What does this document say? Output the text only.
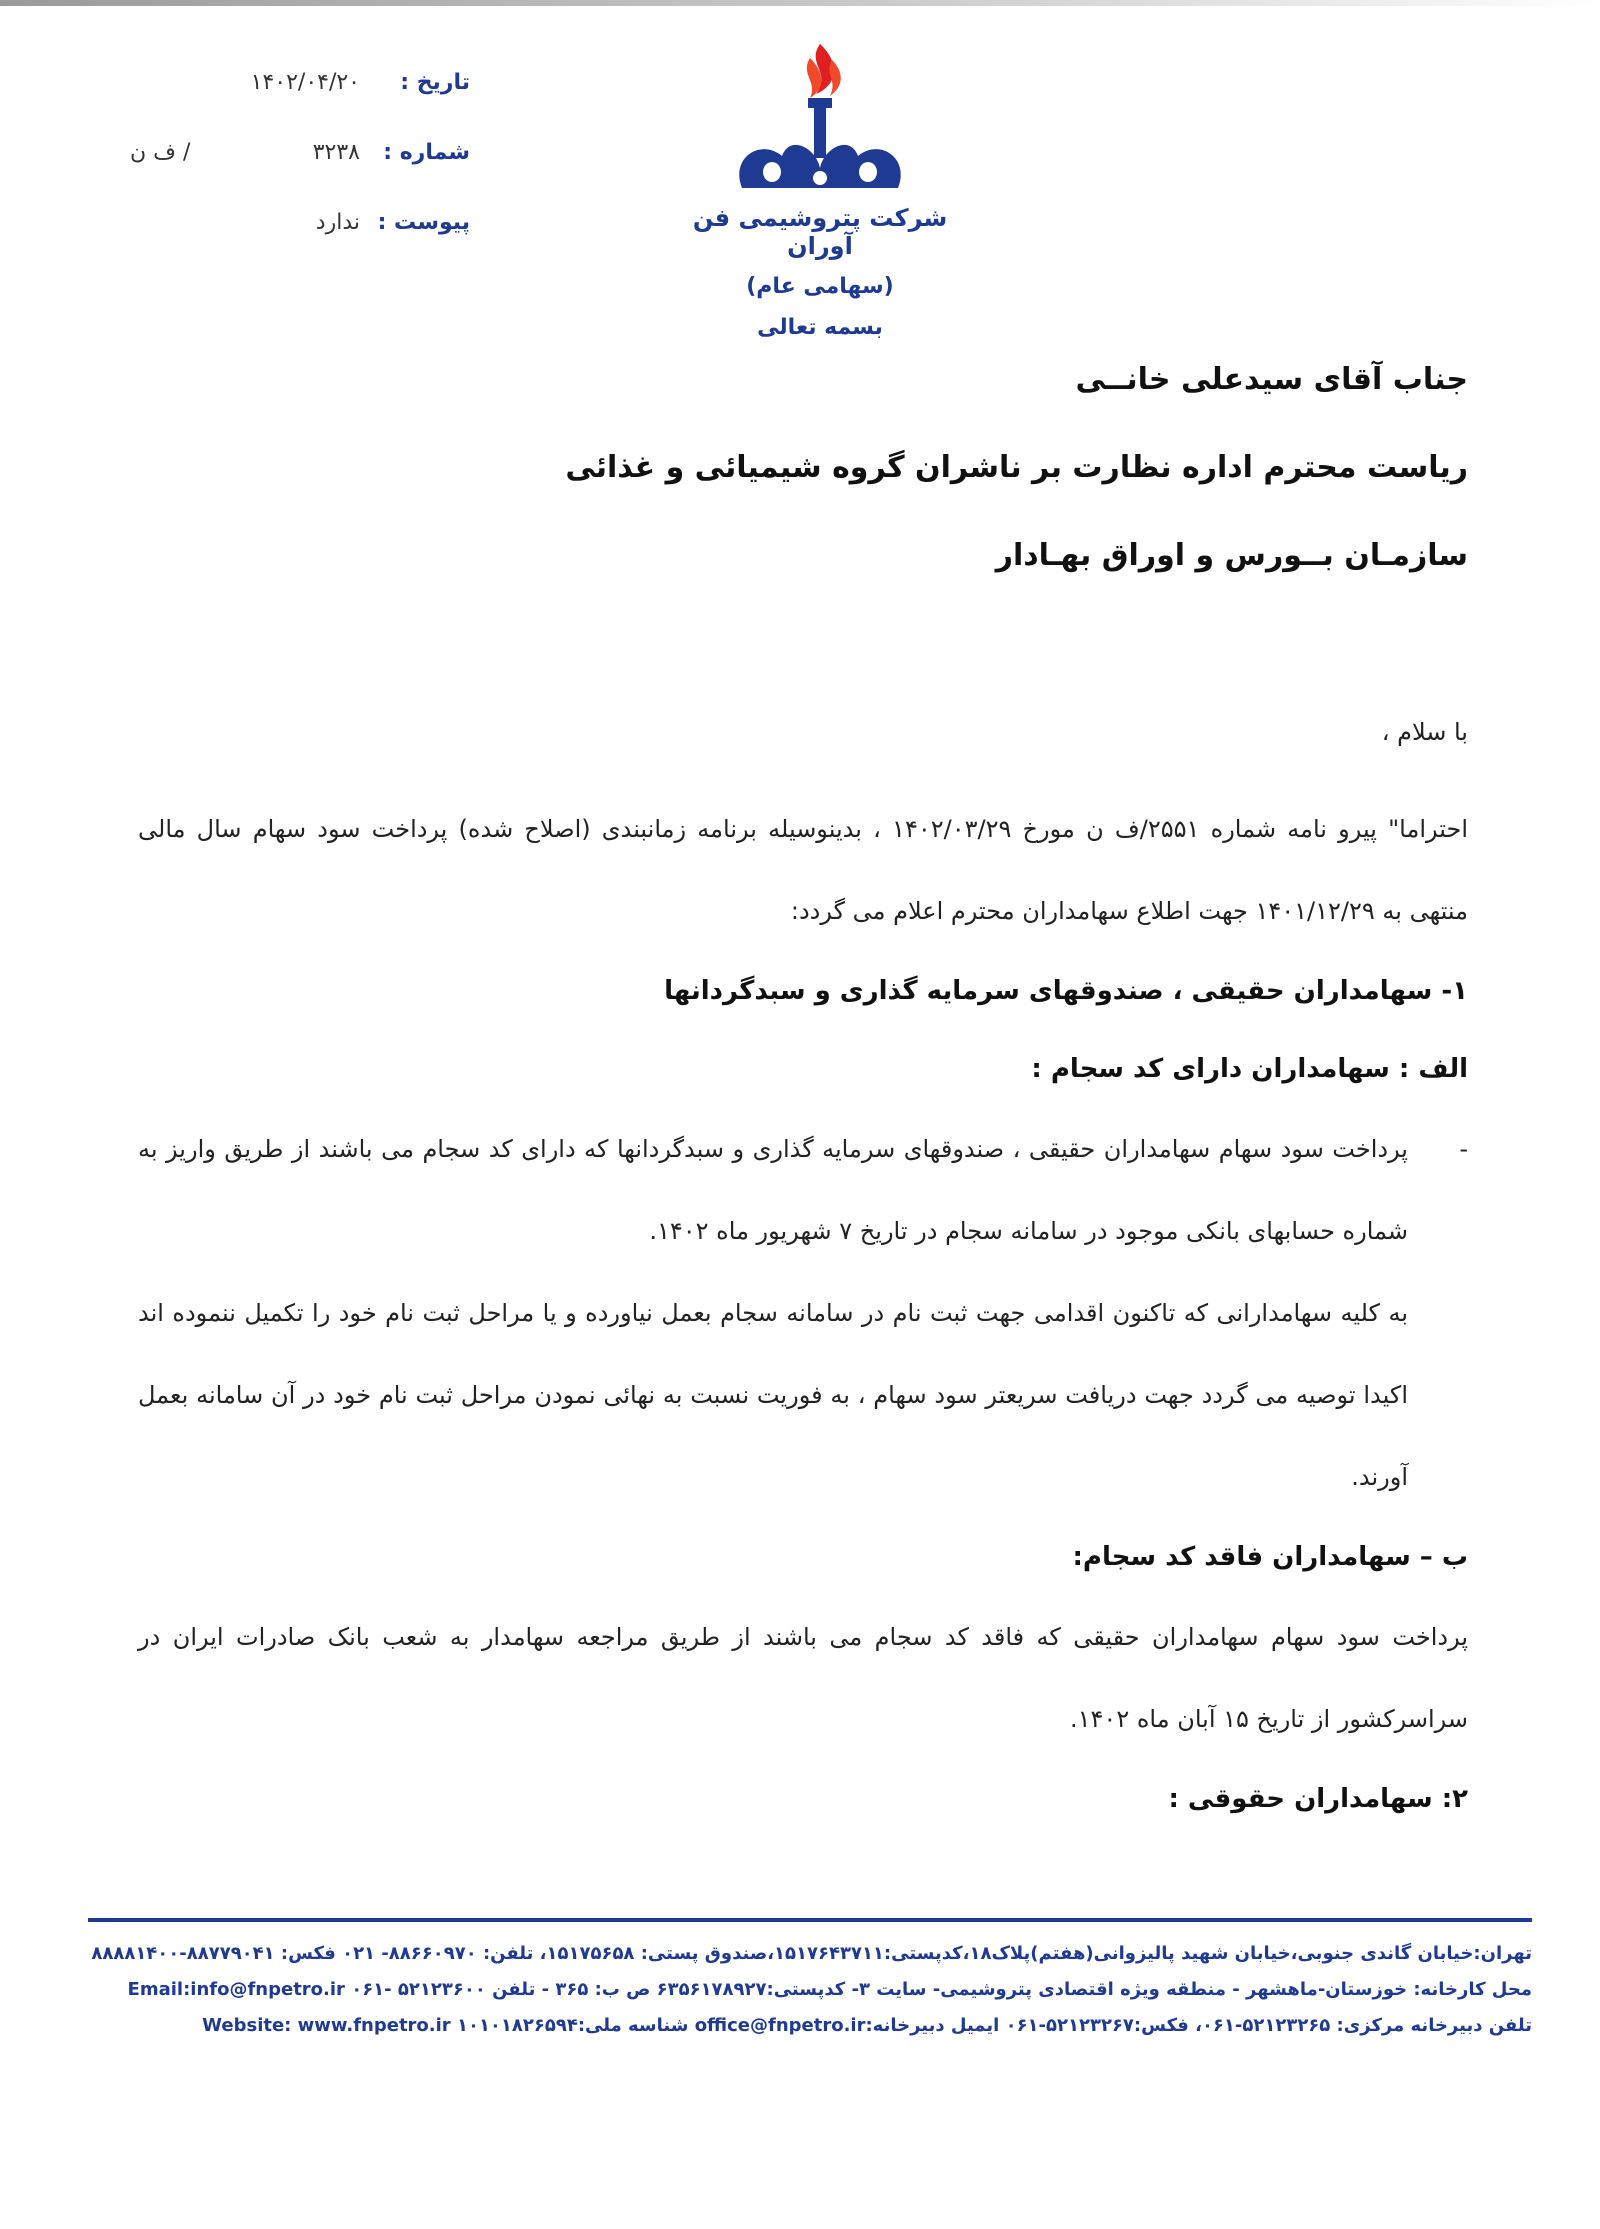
تاریخ :
۱۴۰۲/۰۴/۲۰
شماره :
۳۲۳۸
/ ف ن
پیوست :
ندارد	شرکت پتروشیمی فن آوران
(سهامی عام)
بسمه تعالی
جناب آقای سیدعلی خانــی
ریاست محترم اداره نظارت بر ناشران گروه شیمیائی و غذائی
سازمـان بــورس و اوراق بهـادار
با سلام ،
احتراما" پیرو نامه شماره ۲۵۵۱/ف ن مورخ ۱۴۰۲/۰۳/۲۹ ، بدینوسیله برنامه زمانبندی (اصلاح شده) پرداخت سود سهام سال مالی منتهی به ۱۴۰۱/۱۲/۲۹ جهت اطلاع سهامداران محترم اعلام می گردد:
۱- سهامداران حقیقی ، صندوقهای سرمایه گذاری و سبدگردانها
الف : سهامداران دارای کد سجام :
-
پرداخت سود سهام سهامداران حقیقی ، صندوقهای سرمایه گذاری و سبدگردانها که دارای کد سجام می باشند از طریق واریز به شماره حسابهای بانکی موجود در سامانه سجام در تاریخ ۷ شهریور ماه ۱۴۰۲.
به کلیه سهامدارانی که تاکنون اقدامی جهت ثبت نام در سامانه سجام بعمل نیاورده و یا مراحل ثبت نام خود را تکمیل ننموده اند اکیدا توصیه می گردد جهت دریافت سریعتر سود سهام ، به فوریت نسبت به نهائی نمودن مراحل ثبت نام خود در آن سامانه بعمل آورند.
ب – سهامداران فاقد کد سجام:
پرداخت سود سهام سهامداران حقیقی که فاقد کد سجام می باشند از طریق مراجعه سهامدار به شعب بانک صادرات ایران در سراسرکشور از تاریخ ۱۵ آبان ماه ۱۴۰۲.
۲: سهامداران حقوقی :
تهران:خیابان گاندی جنوبی،خیابان شهید پالیزوانی(هفتم)پلاک۱۸،کدپستی:۱۵۱۷۶۴۳۷۱۱،صندوق پستی: ۱۵۱۷۵۶۵۸، تلفن: ۸۸۶۶۰۹۷۰- ۰۲۱ فکس: ۸۸۷۷۹۰۴۱-۸۸۸۸۱۴۰۰
محل کارخانه: خوزستان-ماهشهر - منطقه ویژه اقتصادی پتروشیمی- سایت ۳- کدپستی:۶۳۵۶۱۷۸۹۲۷ ص ب: ۳۶۵ - تلفن ۵۲۱۲۳۶۰۰ -۰۶۱ Email:info@fnpetro.ir
تلفن دبیرخانه مرکزی: ۵۲۱۲۳۲۶۵-۰۶۱، فکس:۵۲۱۲۳۲۶۷-۰۶۱ ایمیل دبیرخانه:office@fnpetro.ir شناسه ملی:۱۰۱۰۱۸۲۶۵۹۴ Website: www.fnpetro.ir
